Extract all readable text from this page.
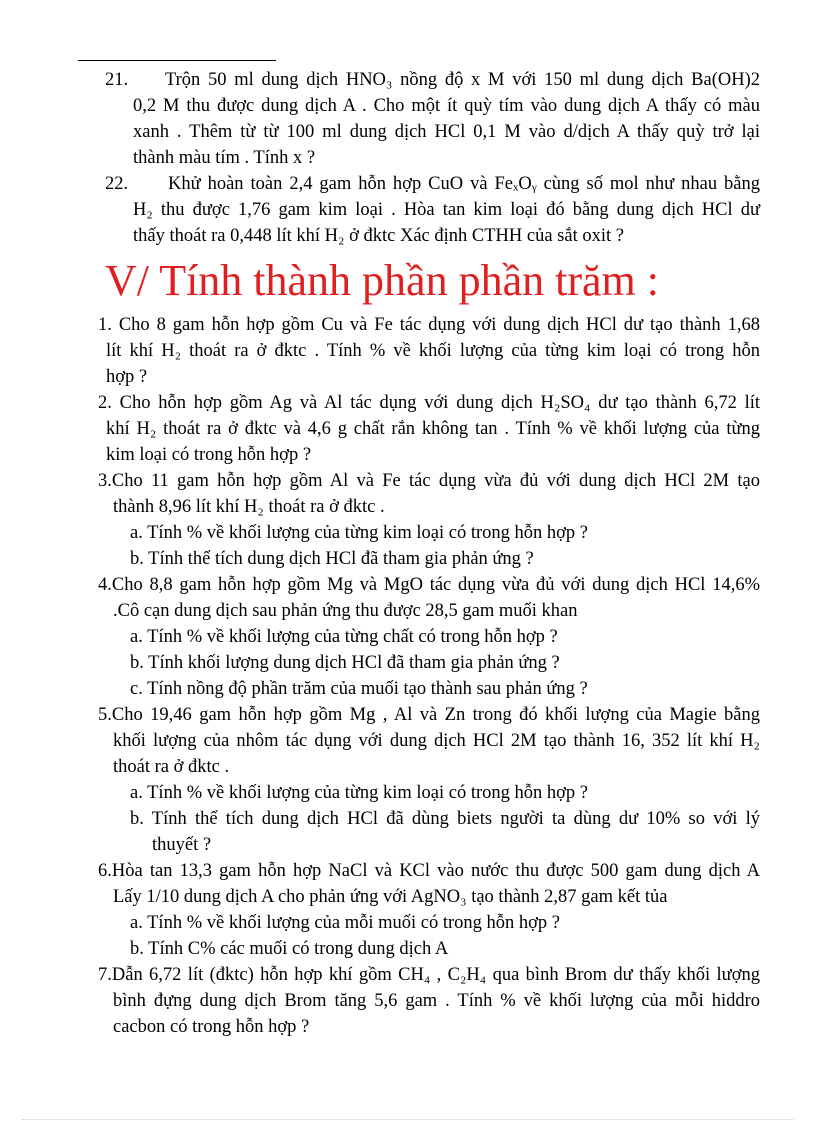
21.	Trộn 50 ml dung dịch HNO₃ nồng độ x M với 150 ml dung dịch Ba(OH)2
0,2 M thu được dung dịch A . Cho một ít quỳ tím vào dung dịch A thấy có màu
xanh . Thêm từ từ 100 ml dung dịch HCl 0,1 M vào d/dịch A thấy quỳ trở lại
thành màu tím . Tính x ?
22.	Khử hoàn toàn 2,4 gam hỗn hợp CuO và FeₓOᵧ cùng số mol như nhau bằng
H₂ thu được 1,76 gam kim loại . Hòa tan kim loại đó bằng dung dịch HCl dư
thấy thoát ra 0,448 lít khí H₂ ở đktc Xác định CTHH của sắt oxit ?
V/ Tính thành phần phần trăm :
1. Cho 8 gam hỗn hợp gồm Cu và Fe tác dụng với dung dịch HCl dư tạo thành 1,68
lít khí H₂ thoát ra ở đktc . Tính % về khối lượng của từng kim loại có trong hỗn
hợp ?
2. Cho hỗn hợp gồm Ag và Al tác dụng với dung dịch H₂SO₄ dư tạo thành 6,72 lít
khí H₂ thoát ra ở đktc và 4,6 g chất rắn không tan . Tính % về khối lượng của từng
kim loại có trong hỗn hợp ?
3.Cho 11 gam hỗn hợp gồm Al và Fe tác dụng vừa đủ với dung dịch HCl 2M tạo
thành 8,96 lít khí H₂ thoát ra ở đktc .
a. Tính % về khối lượng của từng kim loại có trong hỗn hợp ?
b. Tính thể tích dung dịch HCl đã tham gia phản ứng ?
4.Cho 8,8 gam hỗn hợp gồm Mg và MgO tác dụng vừa đủ với dung dịch HCl 14,6%
.Cô cạn dung dịch sau phản ứng thu được 28,5 gam muối khan
a. Tính % về khối lượng của từng chất có trong hỗn hợp ?
b. Tính khối lượng dung dịch HCl đã tham gia phản ứng ?
c. Tính nồng độ phần trăm của muối tạo thành sau phản ứng ?
5.Cho 19,46 gam hỗn hợp gồm Mg , Al và Zn trong đó khối lượng của Magie bằng
khối lượng của nhôm tác dụng với dung dịch HCl 2M tạo thành 16, 352 lít khí H₂
thoát ra ở đktc .
a. Tính % về khối lượng của từng kim loại có trong hỗn hợp ?
b. Tính thể tích dung dịch HCl đã dùng biets người ta dùng dư 10% so với lý
thuyết ?
6.Hòa tan 13,3 gam hỗn hợp NaCl và KCl vào nước thu được 500 gam dung dịch A
Lấy 1/10 dung dịch A cho phản ứng với AgNO₃ tạo thành 2,87 gam kết tủa
a. Tính % về khối lượng của mỗi muối có trong hỗn hợp ?
b. Tính C% các muối có trong dung dịch A
7.Dẫn 6,72 lít (đktc) hỗn hợp khí gồm CH₄ , C₂H₄ qua bình Brom dư thấy khối lượng
bình đựng dung dịch Brom tăng 5,6 gam . Tính % về khối lượng của mỗi hiddro
cacbon có trong hỗn hợp ?
